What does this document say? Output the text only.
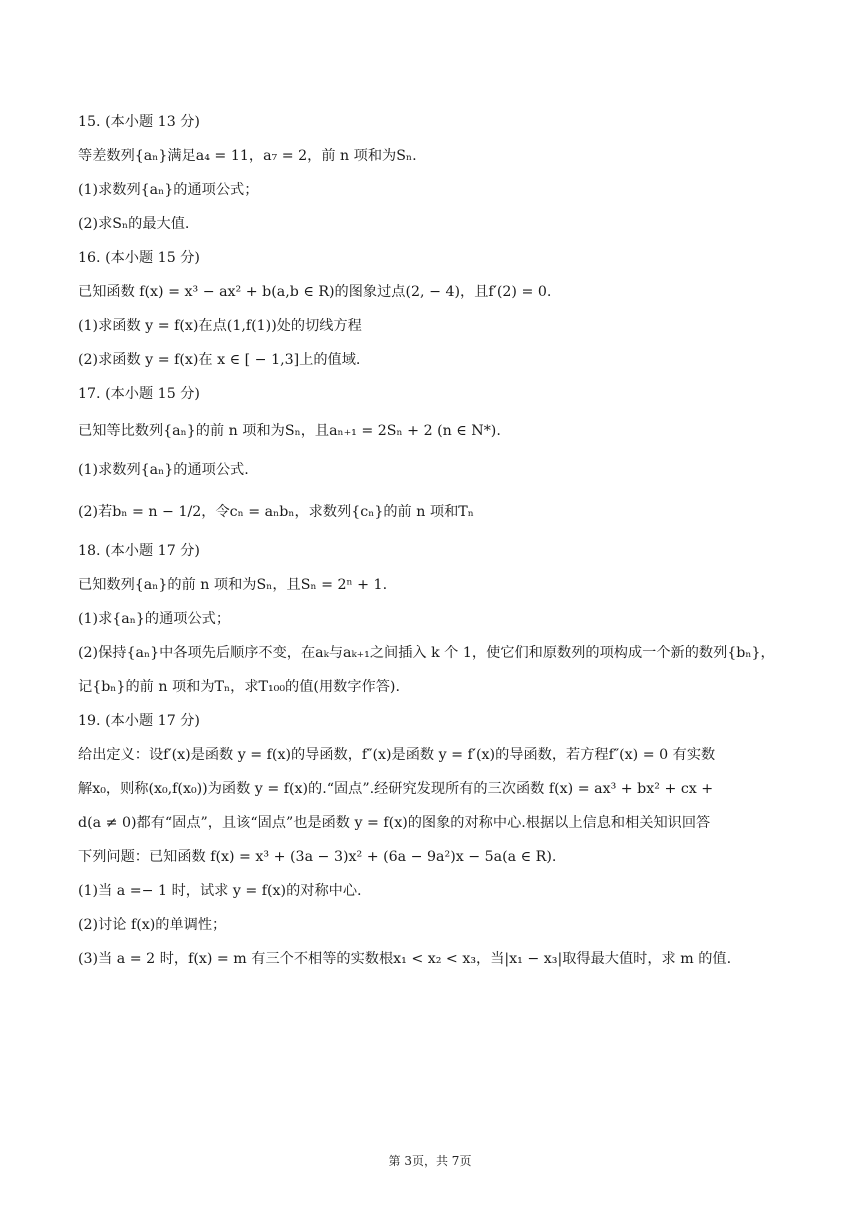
15. (本小题 13 分)
等差数列{aₙ}满足a₄ = 11，a₇ = 2，前 n 项和为Sₙ.
(1)求数列{aₙ}的通项公式；
(2)求Sₙ的最大值.
16. (本小题 15 分)
已知函数 f(x) = x³ − ax² + b(a,b ∈ R)的图象过点(2, − 4)，且f′(2) = 0.
(1)求函数 y = f(x)在点(1,f(1))处的切线方程
(2)求函数 y = f(x)在 x ∈ [ − 1,3]上的值域.
17. (本小题 15 分)
已知等比数列{aₙ}的前 n 项和为Sₙ，且aₙ₊₁ = 2Sₙ + 2 (n ∈ N*).
(1)求数列{aₙ}的通项公式.
(2)若bₙ = n − 1/2，令cₙ = aₙbₙ，求数列{cₙ}的前 n 项和Tₙ
18. (本小题 17 分)
已知数列{aₙ}的前 n 项和为Sₙ，且Sₙ = 2ⁿ + 1.
(1)求{aₙ}的通项公式；
(2)保持{aₙ}中各项先后顺序不变，在aₖ与aₖ₊₁之间插入 k 个 1，使它们和原数列的项构成一个新的数列{bₙ}，
记{bₙ}的前 n 项和为Tₙ，求T₁₀₀的值(用数字作答).
19. (本小题 17 分)
给出定义：设f′(x)是函数 y = f(x)的导函数，f″(x)是函数 y = f′(x)的导函数，若方程f″(x) = 0 有实数
解x₀，则称(x₀,f(x₀))为函数 y = f(x)的.“固点”.经研究发现所有的三次函数 f(x) = ax³ + bx² + cx +
d(a ≠ 0)都有“固点”，且该“固点”也是函数 y = f(x)的图象的对称中心.根据以上信息和相关知识回答
下列问题：已知函数 f(x) = x³ + (3a − 3)x² + (6a − 9a²)x − 5a(a ∈ R).
(1)当 a =− 1 时，试求 y = f(x)的对称中心.
(2)讨论 f(x)的单调性；
(3)当 a = 2 时，f(x) = m 有三个不相等的实数根x₁ < x₂ < x₃，当|x₁ − x₃|取得最大值时，求 m 的值.
第 3页，共 7页
